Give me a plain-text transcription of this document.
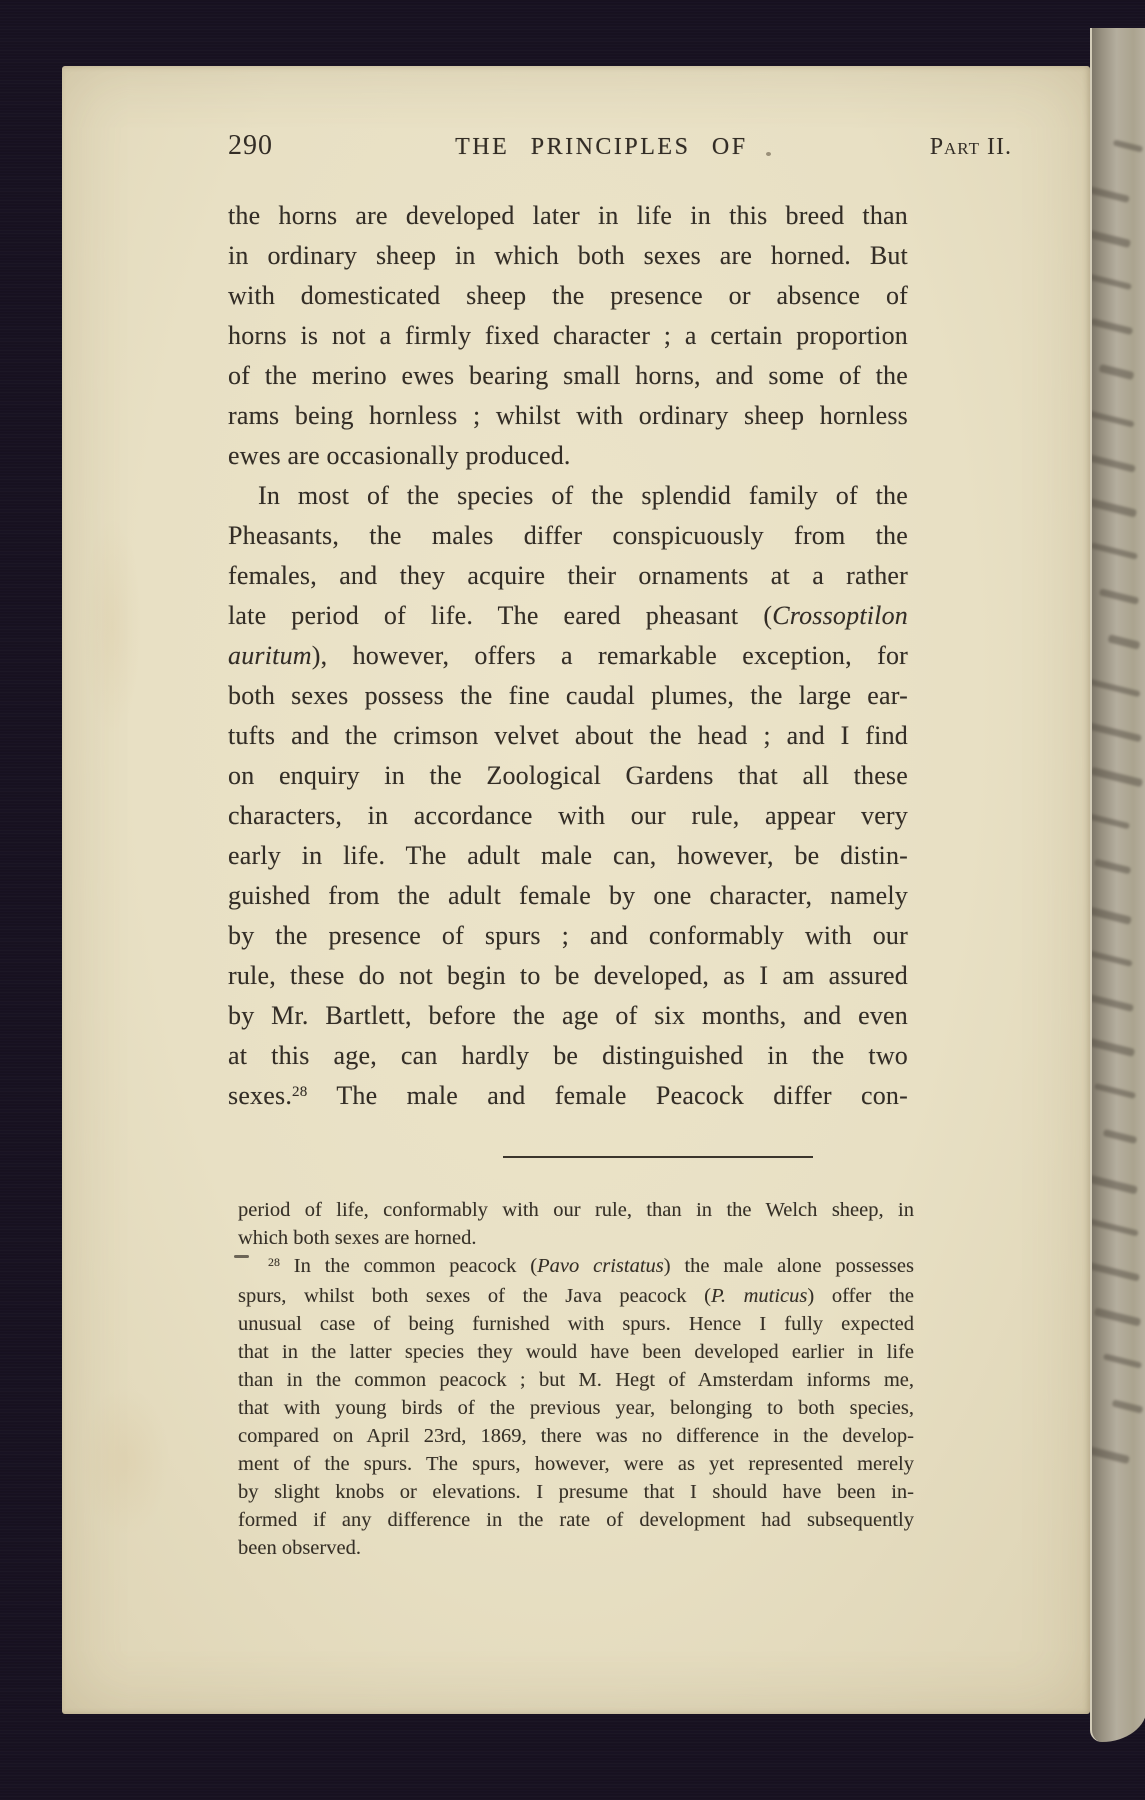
290	THE PRINCIPLES OF	Part II.
the horns are developed later in life in this breed than
in ordinary sheep in which both sexes are horned. But
with domesticated sheep the presence or absence of
horns is not a firmly fixed character ; a certain proportion
of the merino ewes bearing small horns, and some of the
rams being hornless ; whilst with ordinary sheep hornless
ewes are occasionally produced.
In most of the species of the splendid family of the
Pheasants, the males differ conspicuously from the
females, and they acquire their ornaments at a rather
late period of life. The eared pheasant (Crossoptilon
auritum), however, offers a remarkable exception, for
both sexes possess the fine caudal plumes, the large ear-
tufts and the crimson velvet about the head ; and I find
on enquiry in the Zoological Gardens that all these
characters, in accordance with our rule, appear very
early in life. The adult male can, however, be distin-
guished from the adult female by one character, namely
by the presence of spurs ; and conformably with our
rule, these do not begin to be developed, as I am assured
by Mr. Bartlett, before the age of six months, and even
at this age, can hardly be distinguished in the two
sexes.$^{28}$ The male and female Peacock differ con-
period of life, conformably with our rule, than in the Welch sheep, in
which both sexes are horned.
$^{28}$ In the common peacock (Pavo cristatus) the male alone possesses
spurs, whilst both sexes of the Java peacock (P. muticus) offer the
unusual case of being furnished with spurs. Hence I fully expected
that in the latter species they would have been developed earlier in life
than in the common peacock ; but M. Hegt of Amsterdam informs me,
that with young birds of the previous year, belonging to both species,
compared on April 23rd, 1869, there was no difference in the develop-
ment of the spurs. The spurs, however, were as yet represented merely
by slight knobs or elevations. I presume that I should have been in-
formed if any difference in the rate of development had subsequently
been observed.
